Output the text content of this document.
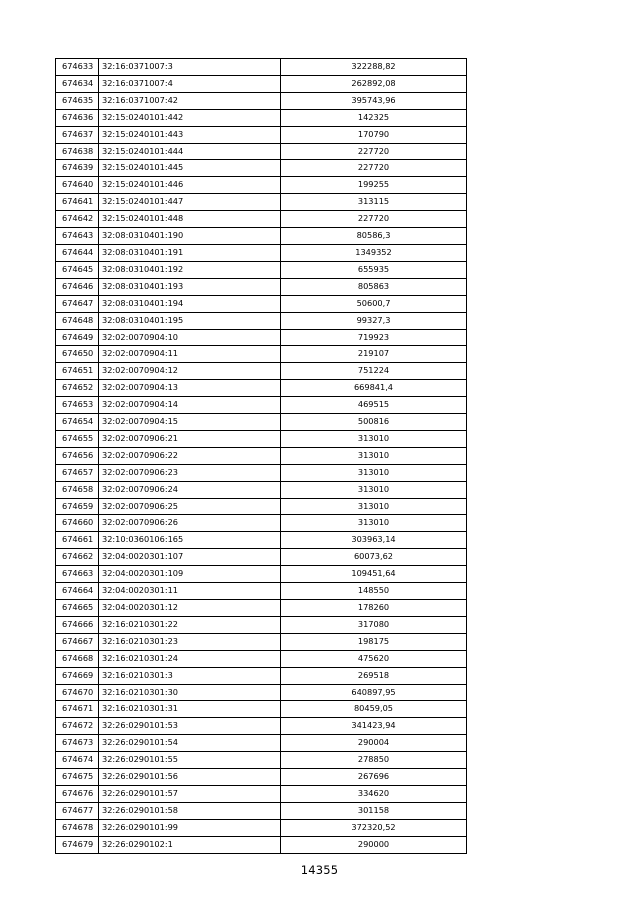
674633	32:16:0371007:3	322288,82
674634	32:16:0371007:4	262892,08
674635	32:16:0371007:42	395743,96
674636	32:15:0240101:442	142325
674637	32:15:0240101:443	170790
674638	32:15:0240101:444	227720
674639	32:15:0240101:445	227720
674640	32:15:0240101:446	199255
674641	32:15:0240101:447	313115
674642	32:15:0240101:448	227720
674643	32:08:0310401:190	80586,3
674644	32:08:0310401:191	1349352
674645	32:08:0310401:192	655935
674646	32:08:0310401:193	805863
674647	32:08:0310401:194	50600,7
674648	32:08:0310401:195	99327,3
674649	32:02:0070904:10	719923
674650	32:02:0070904:11	219107
674651	32:02:0070904:12	751224
674652	32:02:0070904:13	669841,4
674653	32:02:0070904:14	469515
674654	32:02:0070904:15	500816
674655	32:02:0070906:21	313010
674656	32:02:0070906:22	313010
674657	32:02:0070906:23	313010
674658	32:02:0070906:24	313010
674659	32:02:0070906:25	313010
674660	32:02:0070906:26	313010
674661	32:10:0360106:165	303963,14
674662	32:04:0020301:107	60073,62
674663	32:04:0020301:109	109451,64
674664	32:04:0020301:11	148550
674665	32:04:0020301:12	178260
674666	32:16:0210301:22	317080
674667	32:16:0210301:23	198175
674668	32:16:0210301:24	475620
674669	32:16:0210301:3	269518
674670	32:16:0210301:30	640897,95
674671	32:16:0210301:31	80459,05
674672	32:26:0290101:53	341423,94
674673	32:26:0290101:54	290004
674674	32:26:0290101:55	278850
674675	32:26:0290101:56	267696
674676	32:26:0290101:57	334620
674677	32:26:0290101:58	301158
674678	32:26:0290101:99	372320,52
674679	32:26:0290102:1	290000
14355
